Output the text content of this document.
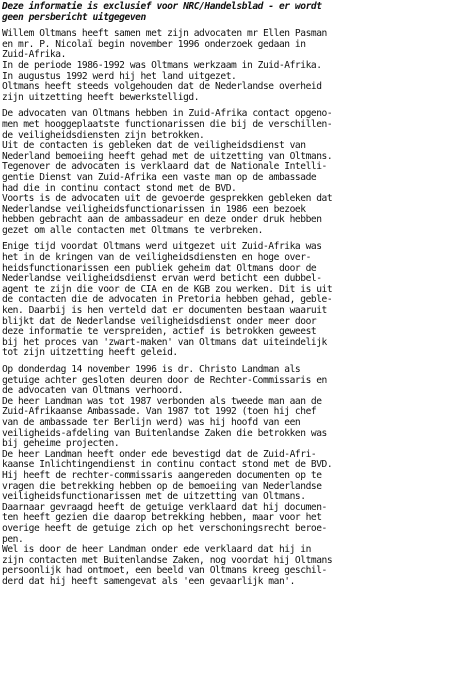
Deze informatie is exclusief voor NRC/Handelsblad - er wordt
geen persbericht uitgegeven
Willem Oltmans heeft samen met zijn advocaten mr Ellen Pasman
en mr. P. Nicolaï begin november 1996 onderzoek gedaan in
Zuid-Afrika.
In de periode 1986-1992 was Oltmans werkzaam in Zuid-Afrika.
In augustus 1992 werd hij het land uitgezet.
Oltmans heeft steeds volgehouden dat de Nederlandse overheid
zijn uitzetting heeft bewerkstelligd.
De advocaten van Oltmans hebben in Zuid-Afrika contact opgeno-
men met hooggeplaatste functionarissen die bij de verschillen-
de veiligheidsdiensten zijn betrokken.
Uit de contacten is gebleken dat de veiligheidsdienst van
Nederland bemoeiing heeft gehad met de uitzetting van Oltmans.
Tegenover de advocaten is verklaard dat de Nationale Intelli-
gentie Dienst van Zuid-Afrika een vaste man op de ambassade
had die in continu contact stond met de BVD.
Voorts is de advocaten uit de gevoerde gesprekken gebleken dat
Nederlandse veiligheidsfunctionarissen in 1986 een bezoek
hebben gebracht aan de ambassadeur en deze onder druk hebben
gezet om alle contacten met Oltmans te verbreken.
Enige tijd voordat Oltmans werd uitgezet uit Zuid-Afrika was
het in de kringen van de veiligheidsdiensten en hoge over-
heidsfunctionarissen een publiek geheim dat Oltmans door de
Nederlandse veiligheidsdienst ervan werd beticht een dubbel-
agent te zijn die voor de CIA en de KGB zou werken. Dit is uit
de contacten die de advocaten in Pretoria hebben gehad, geble-
ken. Daarbij is hen verteld dat er documenten bestaan waaruit
blijkt dat de Nederlandse veiligheidsdienst onder meer door
deze informatie te verspreiden, actief is betrokken geweest
bij het proces van 'zwart-maken' van Oltmans dat uiteindelijk
tot zijn uitzetting heeft geleid.
Op donderdag 14 november 1996 is dr. Christo Landman als
getuige achter gesloten deuren door de Rechter-Commissaris en
de advocaten van Oltmans verhoord.
De heer Landman was tot 1987 verbonden als tweede man aan de
Zuid-Afrikaanse Ambassade. Van 1987 tot 1992 (toen hij chef
van de ambassade ter Berlijn werd) was hij hoofd van een
veiligheids-afdeling van Buitenlandse Zaken die betrokken was
bij geheime projecten.
De heer Landman heeft onder ede bevestigd dat de Zuid-Afri-
kaanse Inlichtingendienst in continu contact stond met de BVD.
Hij heeft de rechter-commissaris aangereden documenten op te
vragen die betrekking hebben op de bemoeiing van Nederlandse
veiligheidsfunctionarissen met de uitzetting van Oltmans.
Daarnaar gevraagd heeft de getuige verklaard dat hij documen-
ten heeft gezien die daarop betrekking hebben, maar voor het
overige heeft de getuige zich op het verschoningsrecht beroe-
pen.
Wel is door de heer Landman onder ede verklaard dat hij in
zijn contacten met Buitenlandse Zaken, nog voordat hij Oltmans
persoonlijk had ontmoet, een beeld van Oltmans kreeg geschil-
derd dat hij heeft samengevat als 'een gevaarlijk man'.
